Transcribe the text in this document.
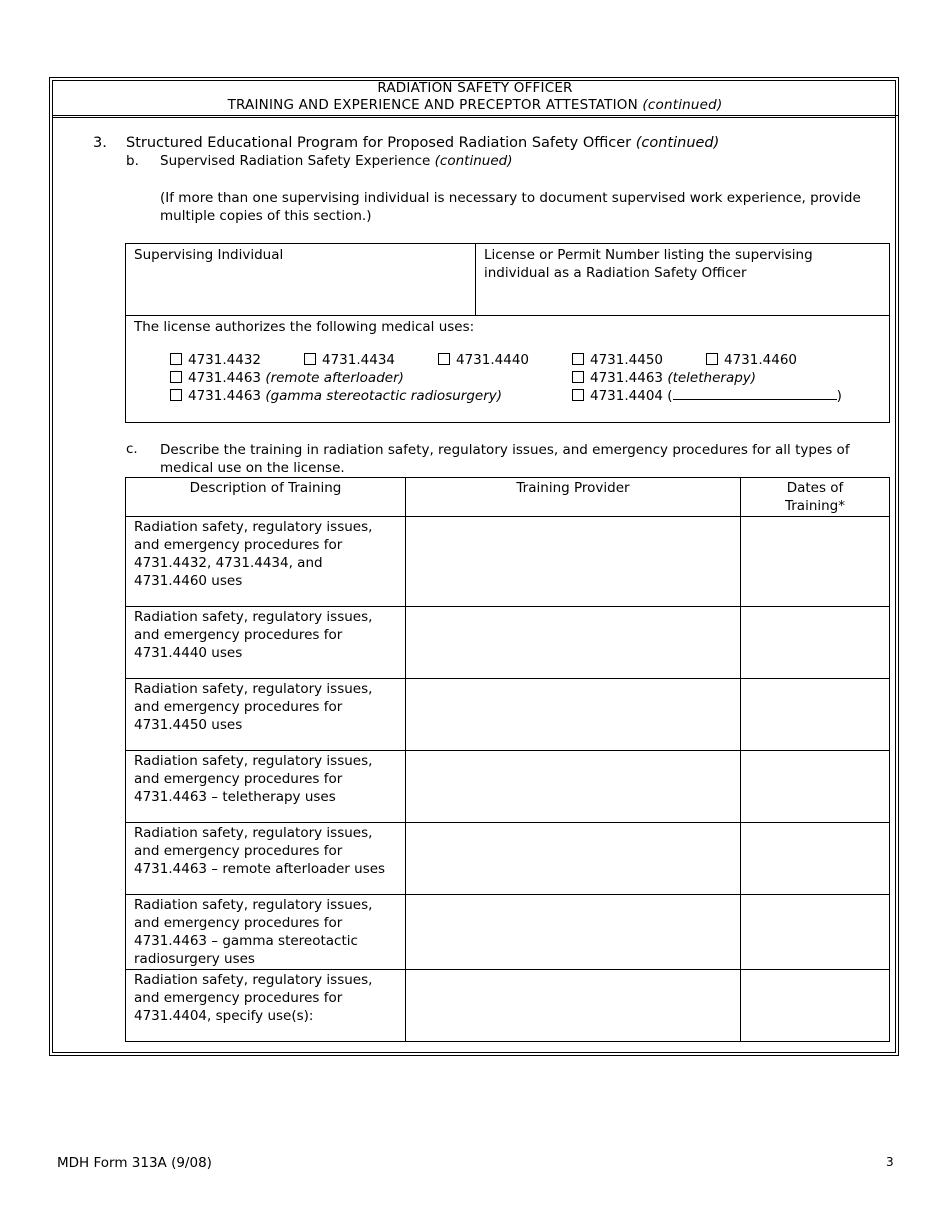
RADIATION SAFETY OFFICER
TRAINING AND EXPERIENCE AND PRECEPTOR ATTESTATION (continued)
3. Structured Educational Program for Proposed Radiation Safety Officer (continued)
b. Supervised Radiation Safety Experience (continued)
(If more than one supervising individual is necessary to document supervised work experience, provide
multiple copies of this section.)
Supervising Individual	License or Permit Number listing the supervising
individual as a Radiation Safety Officer

The license authorizes the following medical uses:
4731.4432	4731.4434	4731.4440	4731.4450	4731.4460
4731.4463 (remote afterloader)	4731.4463 (teletherapy)
4731.4463 (gamma stereotactic radiosurgery)	4731.4404 (	)
c. Describe the training in radiation safety, regulatory issues, and emergency procedures for all types of
medical use on the license.
Description of Training	Training Provider	Dates of
Training*

Radiation safety, regulatory issues,
and emergency procedures for
4731.4432, 4731.4434, and
4731.4460 uses		

Radiation safety, regulatory issues,
and emergency procedures for
4731.4440 uses		

Radiation safety, regulatory issues,
and emergency procedures for
4731.4450 uses		

Radiation safety, regulatory issues,
and emergency procedures for
4731.4463 – teletherapy uses		

Radiation safety, regulatory issues,
and emergency procedures for
4731.4463 – remote afterloader uses		

Radiation safety, regulatory issues,
and emergency procedures for
4731.4463 – gamma stereotactic
radiosurgery uses		

Radiation safety, regulatory issues,
and emergency procedures for
4731.4404, specify use(s):		

MDH Form 313A (9/08)	3
